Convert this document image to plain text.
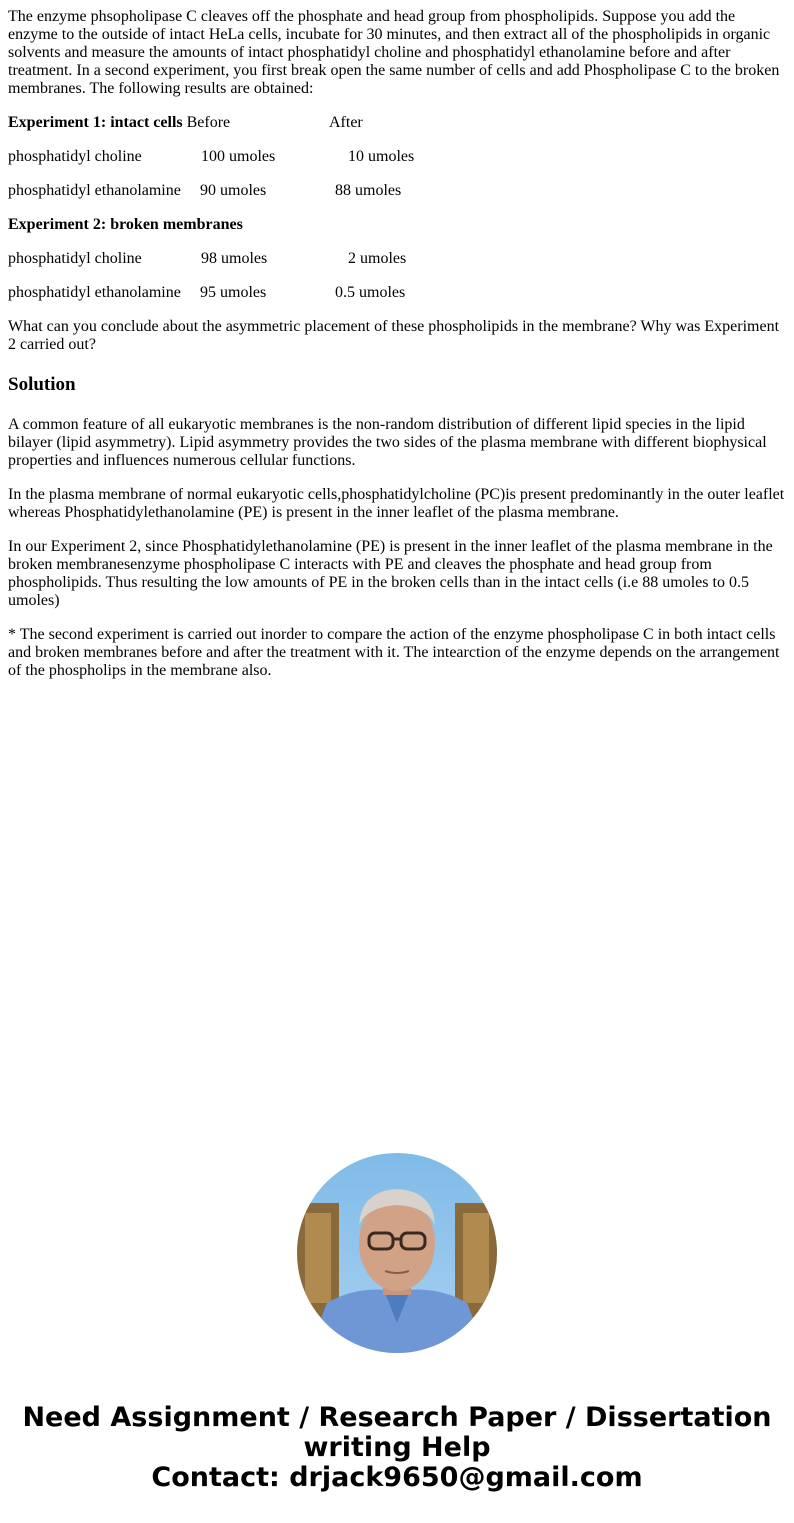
The enzyme phsopholipase C cleaves off the phosphate and head group from phospholipids. Suppose you add the enzyme to the outside of intact HeLa cells, incubate for 30 minutes, and then extract all of the phospholipids in organic solvents and measure the amounts of intact phosphatidyl choline and phosphatidyl ethanolamine before and after treatment. In a second experiment, you first break open the same number of cells and add Phospholipase C to the broken membranes. The following results are obtained:

Experiment 1: intact cells Before	After

phosphatidyl choline	100 umoles	10 umoles

phosphatidyl ethanolamine 90 umoles	88 umoles

Experiment 2: broken membranes

phosphatidyl choline	98 umoles	2 umoles

phosphatidyl ethanolamine 95 umoles	0.5 umoles

What can you conclude about the asymmetric placement of these phospholipids in the membrane? Why was Experiment 2 carried out?

Solution

A common feature of all eukaryotic membranes is the non-random distribution of different lipid species in the lipid bilayer (lipid asymmetry). Lipid asymmetry provides the two sides of the plasma membrane with different biophysical properties and influences numerous cellular functions.

In the plasma membrane of normal eukaryotic cells,phosphatidylcholine (PC)is present predominantly in the outer leaflet whereas Phosphatidylethanolamine (PE) is present in the inner leaflet of the plasma membrane.

In our Experiment 2, since Phosphatidylethanolamine (PE) is present in the inner leaflet of the plasma membrane in the broken membranesenzyme phospholipase C interacts with PE and cleaves the phosphate and head group from phospholipids. Thus resulting the low amounts of PE in the broken cells than in the intact cells (i.e 88 umoles to 0.5 umoles)

* The second experiment is carried out inorder to compare the action of the enzyme phospholipase C in both intact cells and broken membranes before and after the treatment with it. The intearction of the enzyme depends on the arrangement of the phospholips in the membrane also.

Need Assignment / Research Paper / Dissertation
writing Help
Contact: drjack9650@gmail.com
